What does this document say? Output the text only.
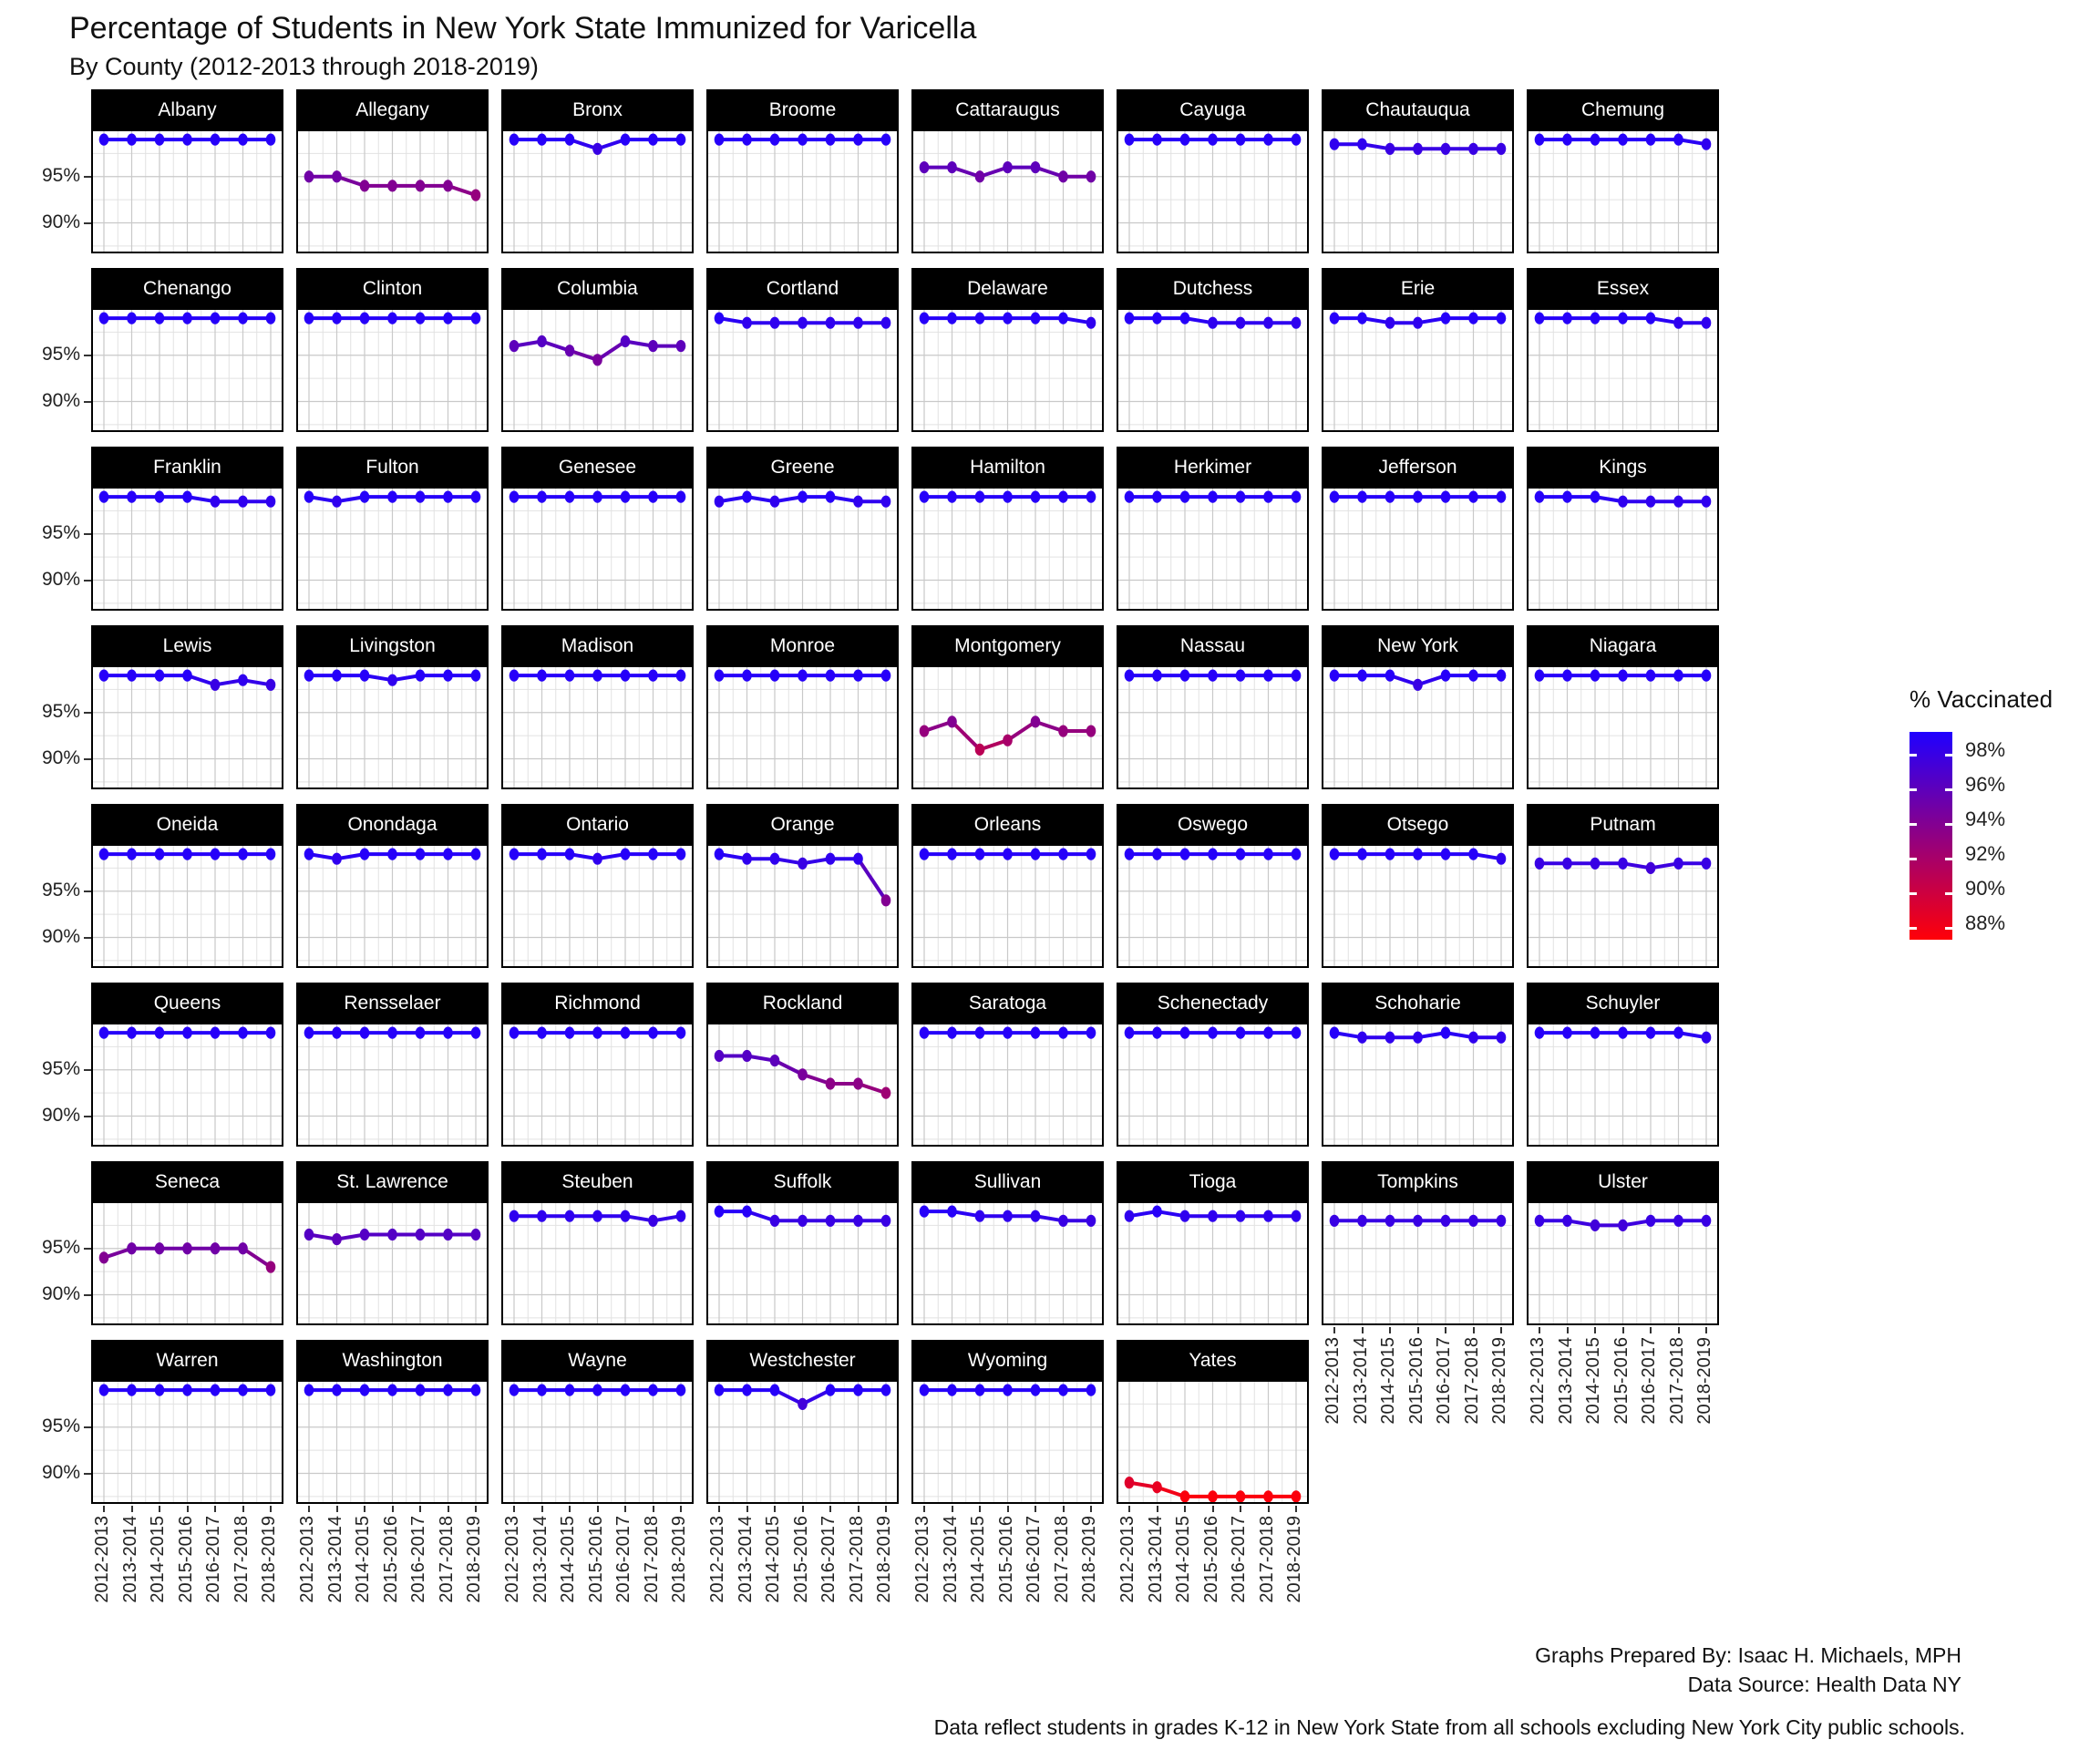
Percentage of Students in New York State Immunized for Varicella
By County (2012-2013 through 2018-2019)
Albany	Allegany	Bronx	Broome	Cattaraugus	Cayuga	Chautauqua	Chemung
Chenango	Clinton	Columbia	Cortland	Delaware	Dutchess	Erie	Essex
Franklin	Fulton	Genesee	Greene	Hamilton	Herkimer	Jefferson	Kings
Lewis	Livingston	Madison	Monroe	Montgomery	Nassau	New York	Niagara
Oneida	Onondaga	Ontario	Orange	Orleans	Oswego	Otsego	Putnam
Queens	Rensselaer	Richmond	Rockland	Saratoga	Schenectady	Schoharie	Schuyler
Seneca	St. Lawrence	Steuben	Suffolk	Sullivan	Tioga	Tompkins	Ulster
Warren	Washington	Wayne	Westchester	Wyoming	Yates
95%
90%
95%
90%
95%
90%
95%
90%
95%
90%
95%
90%
95%
90%
95%
90%
2012-2013 2013-2014 2014-2015 2015-2016 2016-2017 2017-2018 2018-2019 2012-2013 2013-2014 2014-2015 2015-2016 2016-2017 2017-2018 2018-2019 2012-2013 2013-2014 2014-2015 2015-2016 2016-2017 2017-2018 2018-2019 2012-2013 2013-2014 2014-2015 2015-2016 2016-2017 2017-2018 2018-2019 2012-2013 2013-2014 2014-2015 2015-2016 2016-2017 2017-2018 2018-2019 2012-2013 2013-2014 2014-2015 2015-2016 2016-2017 2017-2018 2018-2019
2012-2013 2013-2014 2014-2015 2015-2016 2016-2017 2017-2018 2018-2019 2012-2013 2013-2014 2014-2015 2015-2016 2016-2017 2017-2018 2018-2019
% Vaccinated
98%
96%
94%
92%
90%
88%
Graphs Prepared By: Isaac H. Michaels, MPH
Data Source: Health Data NY
Data reflect students in grades K-12 in New York State from all schools excluding New York City public schools.
